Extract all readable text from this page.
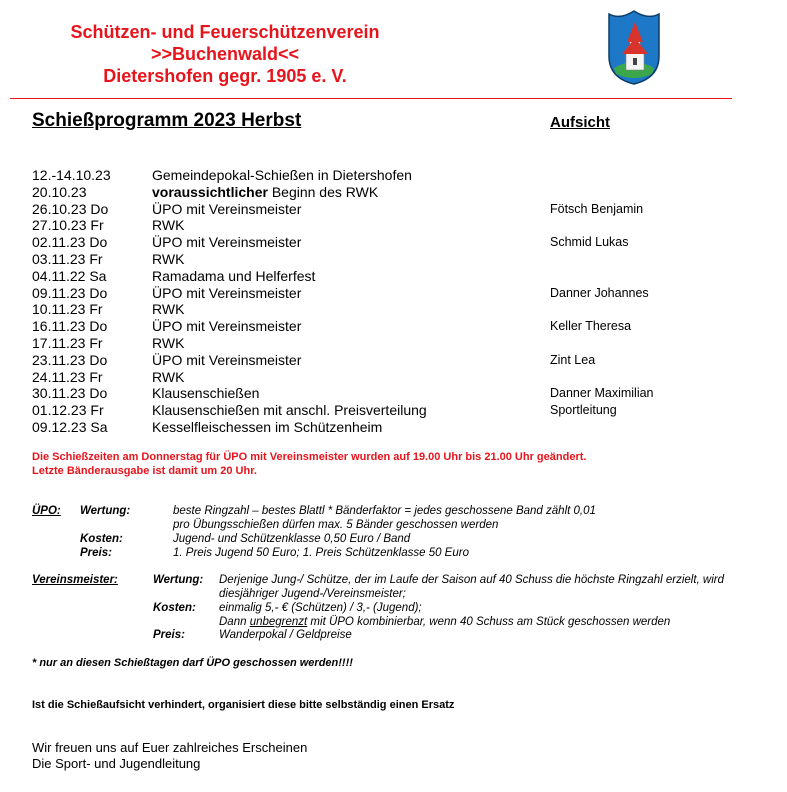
Schützen- und Feuerschützenverein
>>Buchenwald<<
Dietershofen gegr. 1905 e. V.
Schießprogramm 2023 Herbst	Aufsicht
12.-14.10.23	Gemeindepokal-Schießen in Dietershofen
20.10.23	voraussichtlicher Beginn des RWK
26.10.23 Do	ÜPO mit Vereinsmeister	Fötsch Benjamin
27.10.23 Fr	RWK
02.11.23 Do	ÜPO mit Vereinsmeister	Schmid Lukas
03.11.23 Fr	RWK
04.11.22 Sa	Ramadama und Helferfest
09.11.23 Do	ÜPO mit Vereinsmeister	Danner Johannes
10.11.23 Fr	RWK
16.11.23 Do	ÜPO mit Vereinsmeister	Keller Theresa
17.11.23 Fr	RWK
23.11.23 Do	ÜPO mit Vereinsmeister	Zint Lea
24.11.23 Fr	RWK
30.11.23 Do	Klausenschießen	Danner Maximilian
01.12.23 Fr	Klausenschießen mit anschl. Preisverteilung	Sportleitung
09.12.23 Sa	Kesselfleischessen im Schützenheim
Die Schießzeiten am Donnerstag für ÜPO mit Vereinsmeister wurden auf 19.00 Uhr bis 21.00 Uhr geändert.
Letzte Bänderausgabe ist damit um 20 Uhr.
ÜPO: Wertung:	beste Ringzahl – bestes Blattl * Bänderfaktor = jedes geschossene Band zählt 0,01
pro Übungsschießen dürfen max. 5 Bänder geschossen werden
Kosten:	Jugend- und Schützenklasse 0,50 Euro / Band
Preis:	1. Preis Jugend 50 Euro; 1. Preis Schützenklasse 50 Euro
Vereinsmeister:	Wertung: Derjenige Jung-/ Schütze, der im Laufe der Saison auf 40 Schuss die höchste Ringzahl erzielt, wird
diesjähriger Jugend-/Vereinsmeister;
Kosten: einmalig 5,- € (Schützen) / 3,- (Jugend);
Dann unbegrenzt mit ÜPO kombinierbar, wenn 40 Schuss am Stück geschossen werden
Preis:	Wanderpokal / Geldpreise
* nur an diesen Schießtagen darf ÜPO geschossen werden!!!!
Ist die Schießaufsicht verhindert, organisiert diese bitte selbständig einen Ersatz
Wir freuen uns auf Euer zahlreiches Erscheinen
Die Sport- und Jugendleitung
